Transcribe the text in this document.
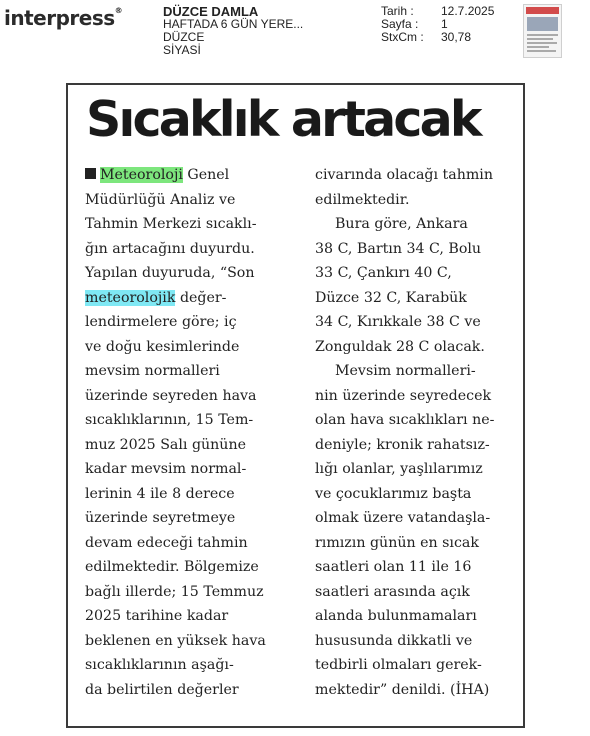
interpress®	DÜZCE DAMLA
HAFTADA 6 GÜN YERE...
DÜZCE
SİYASİ
Tarih :	12.7.2025
Sayfa :	1
StxCm :	30,78
Sıcaklık artacak
Meteoroloji Genel
Müdürlüğü Analiz ve
Tahmin Merkezi sıcaklı-
ğın artacağını duyurdu.
Yapılan duyuruda, “Son
meteorolojik değer-
lendirmelere göre; iç
ve doğu kesimlerinde
mevsim normalleri
üzerinde seyreden hava
sıcaklıklarının, 15 Tem-
muz 2025 Salı gününe
kadar mevsim normal-
lerinin 4 ile 8 derece
üzerinde seyretmeye
devam edeceği tahmin
edilmektedir. Bölgemize
bağlı illerde; 15 Temmuz
2025 tarihine kadar
beklenen en yüksek hava
sıcaklıklarının aşağı-
da belirtilen değerler
civarında olacağı tahmin
edilmektedir.
Bura göre, Ankara
38 C, Bartın 34 C, Bolu
33 C, Çankırı 40 C,
Düzce 32 C, Karabük
34 C, Kırıkkale 38 C ve
Zonguldak 28 C olacak.
Mevsim normalleri-
nin üzerinde seyredecek
olan hava sıcaklıkları ne-
deniyle; kronik rahatsız-
lığı olanlar, yaşlılarımız
ve çocuklarımız başta
olmak üzere vatandaşla-
rımızın günün en sıcak
saatleri olan 11 ile 16
saatleri arasında açık
alanda bulunmamaları
hususunda dikkatli ve
tedbirli olmaları gerek-
mektedir” denildi. (İHA)
